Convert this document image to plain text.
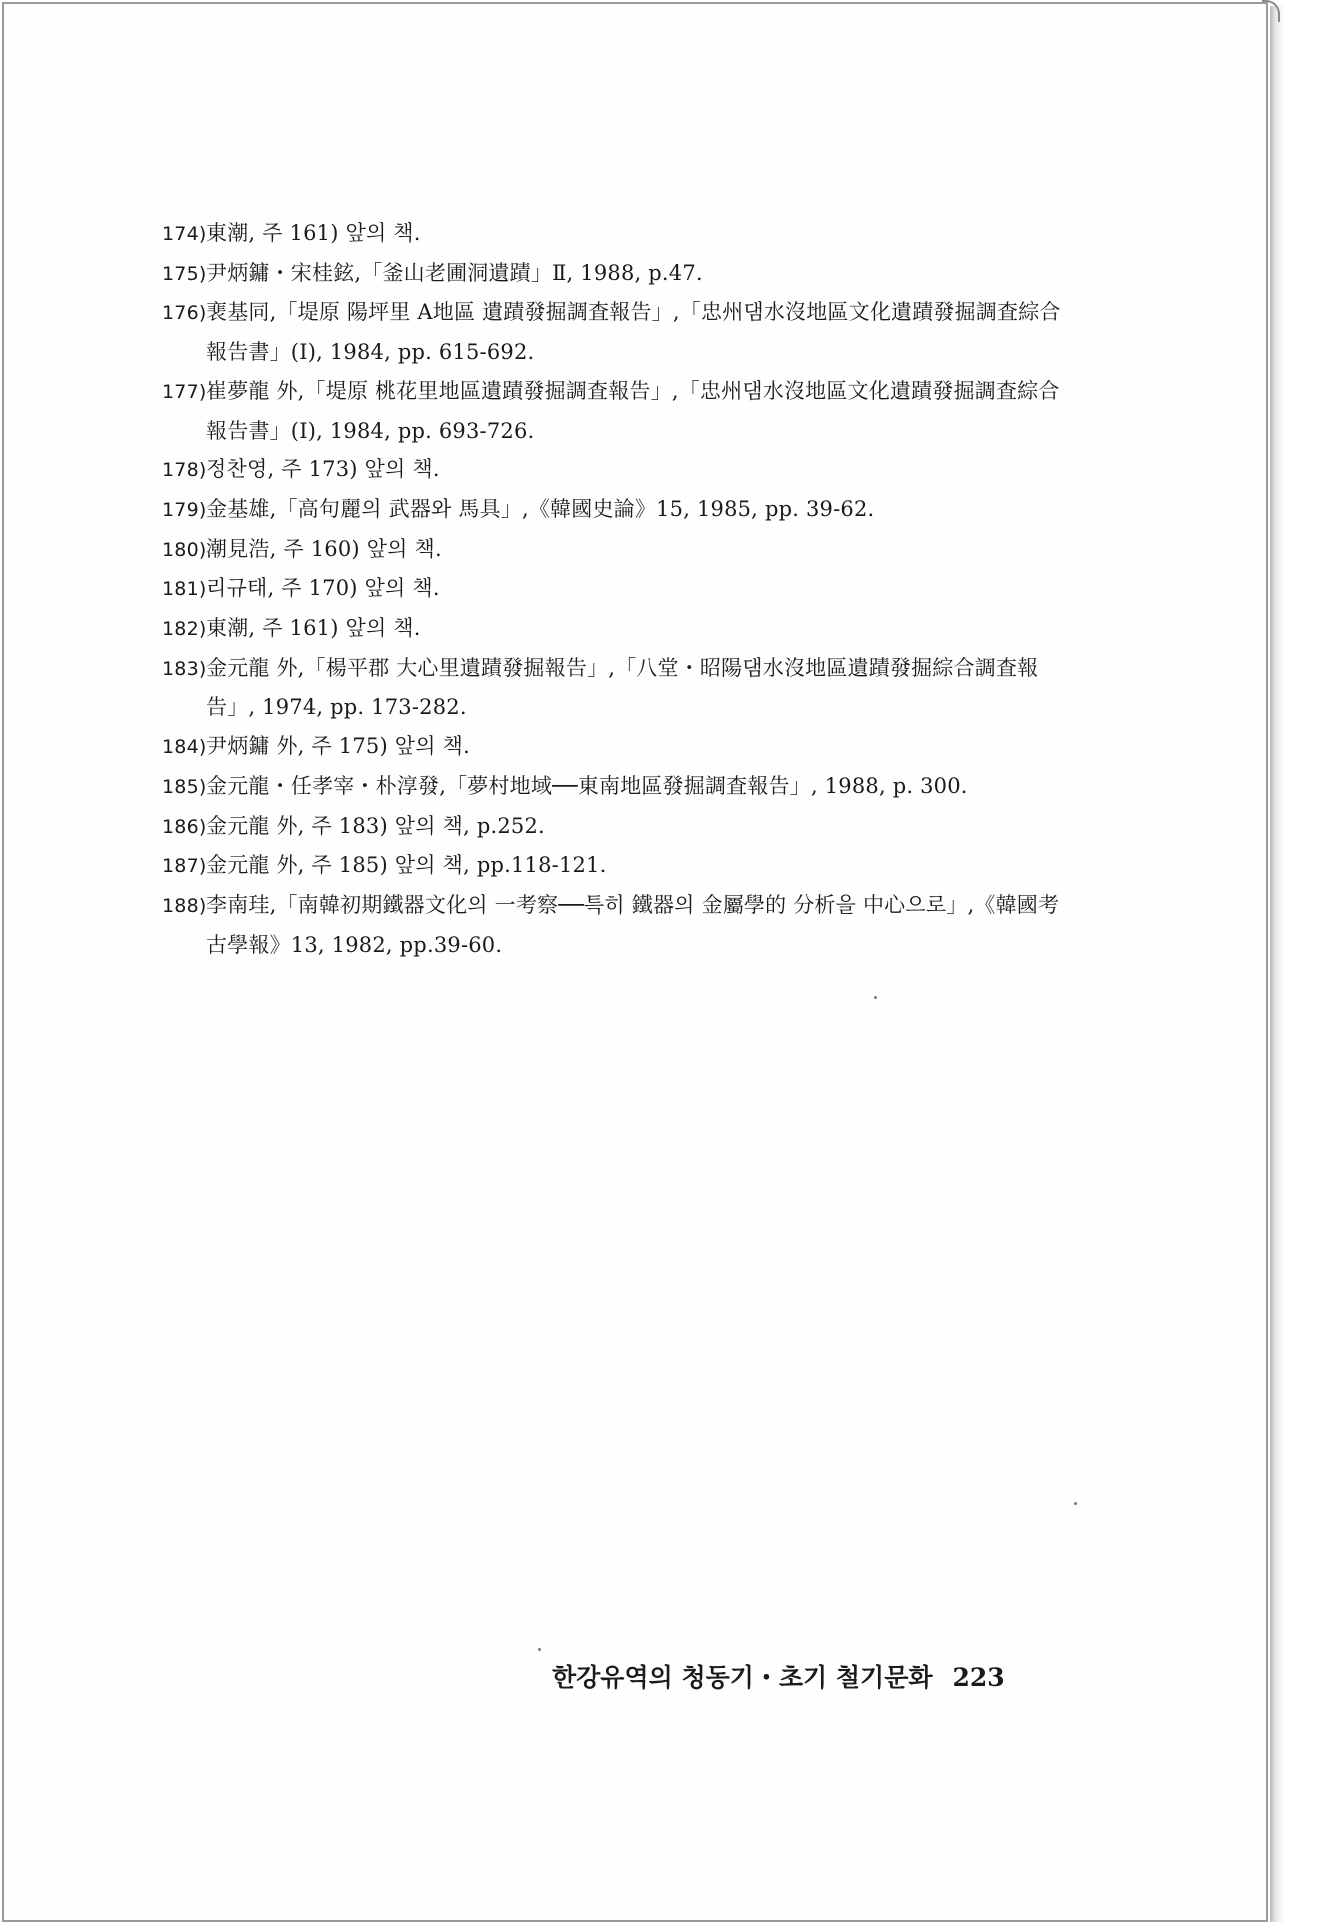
174)東潮, 주 161) 앞의 책.
175)尹炳鏞・宋桂鉉,「釜山老圃洞遺蹟」Ⅱ, 1988, p.47.
176)裵基同,「堤原 陽坪里 A地區 遺蹟發掘調査報告」,「忠州댐水沒地區文化遺蹟發掘調査綜合報告書」(Ⅰ), 1984, pp. 615-692.
177)崔夢龍 外,「堤原 桃花里地區遺蹟發掘調査報告」,「忠州댐水沒地區文化遺蹟發掘調査綜合報告書」(Ⅰ), 1984, pp. 693-726.
178)정찬영, 주 173) 앞의 책.
179)金基雄,「高句麗의 武器와 馬具」,《韓國史論》15, 1985, pp. 39-62.
180)潮見浩, 주 160) 앞의 책.
181)리규태, 주 170) 앞의 책.
182)東潮, 주 161) 앞의 책.
183)金元龍 外,「楊平郡 大心里遺蹟發掘報告」,「八堂・昭陽댐水沒地區遺蹟發掘綜合調査報告」, 1974, pp. 173-282.
184)尹炳鏞 外, 주 175) 앞의 책.
185)金元龍・任孝宰・朴淳發,「夢村地域──東南地區發掘調査報告」, 1988, p. 300.
186)金元龍 外, 주 183) 앞의 책, p.252.
187)金元龍 外, 주 185) 앞의 책, pp.118-121.
188)李南珪,「南韓初期鐵器文化의 一考察──특히 鐵器의 金屬學的 分析을 中心으로」,《韓國考古學報》13, 1982, pp.39-60.
한강유역의 청동기・초기 철기문화 223
